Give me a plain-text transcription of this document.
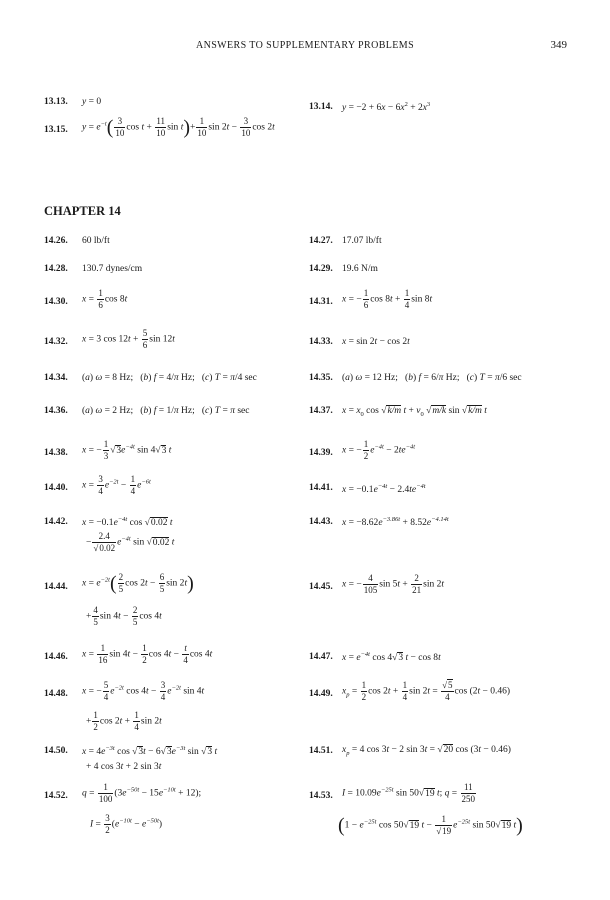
ANSWERS TO SUPPLEMENTARY PROBLEMS	349
13.13. y = 0	13.14. $y = -2 + 6x - 6x^2 + 2x^3$
13.15. $y = e^{-t}( \frac{3}{10}$ $\cos t + \frac{11}{10}$ $\sin t)+ \frac{1}{10}$ $\sin 2t - \frac{3}{10}$ cos 2t
CHAPTER 14
14.26. 60 lb/ft	14.27. 17.07 lb/ft
14.28. 130.7 dynes/cm	14.29. 19.6 N/m
14.30. $x = \frac{1}{6}$ cos 8t	14.31. x = − $\frac{1}{6}$ $\cos 8t + \frac{1}{4}$ sin 8t
14.32. x = 3 $\cos 12t + \frac{5}{6}$ sin 12t	14.33. x = sin 2t − cos 2t
14.34. (a) ω = 8 Hz;   (b) f = 4/π Hz;   (c) T = π/4 sec	14.35. (a) ω = 12 Hz;   (b) f = 6/π Hz;   (c) T = π/6 sec
14.36. (a) ω = 2 Hz;   (b) f = 1/π Hz;   (c) T = π sec	14.37. $x = x_0$ cos √k/m $t + v_0$ √m/k sin √k/m t
14.38. x = − $\frac{1}{3} √3e^{-4t}$ sin 4√3 t	14.39. x = − $\frac{1}{2} e^{-4t} - 2te^{-4t}$
14.40. $x = \frac{3}{4} e^{-2t} - \frac{1}{4} e^{-6t}$
14.41. $x = -0.1e^{-4t} - 2.4te^{-4t}$
14.42. $x = -0.1e^{-4t}$ cos √0.02 t
− $\frac{2.4}{√0.02} e^{-4t}$ sin √0.02 t
14.43. $x = -8.62e^{-3.86t} + 8.52e^{-4.14t}$
14.44. $x = e^{-2t}( \frac{2}{5}$ $\cos 2t - \frac{6}{5}$ sin 2t)
+ $\frac{4}{5}$ $\sin 4t - \frac{2}{5}$ cos 4t
14.45. x = − $\frac{4}{105}$ $\sin 5t + \frac{2}{21}$ sin 2t
14.46. $x = \frac{1}{16}$ $\sin 4t - \frac{1}{2}$ $\cos 4t - \frac{t}{4}$ cos 4t	14.47. $x = e^{-4t}$ cos 4√3 t − cos 8t
14.48. x = − $\frac{5}{4} e^{-2t}$ $\cos 4t - \frac{3}{4} e^{-2t}$ sin 4t
+ $\frac{1}{2}$ $\cos 2t + \frac{1}{4}$ sin 2t
14.49. $x_p = \frac{1}{2}$ $\cos 2t + \frac{1}{4}$ $\sin 2t = \frac{√5}{4}$ cos (2t − 0.46)
14.50. $x = 4e^{-3t}$ $\cos √3t - 6√3e^{-3t}$ sin √3 t
+ 4 cos 3t + 2 sin 3t
14.51. $x_p = 4$ cos 3t − 2 sin 3t = √20 cos (3t − 0.46)
14.52. $q = \frac{1}{100} (3e^{-50t} - 15e^{-10t} + 12)$;
$I = \frac{3}{2} (e^{-10t} - e^{-50t})$
14.53. $I = 10.09e^{-25t}$ sin 50√19 t; $q = \frac{11}{250}$
($1 - e^{-25t}$ cos 50√19 $t - \frac{1}{√19} e^{-25t}$ sin 50√19 t)
